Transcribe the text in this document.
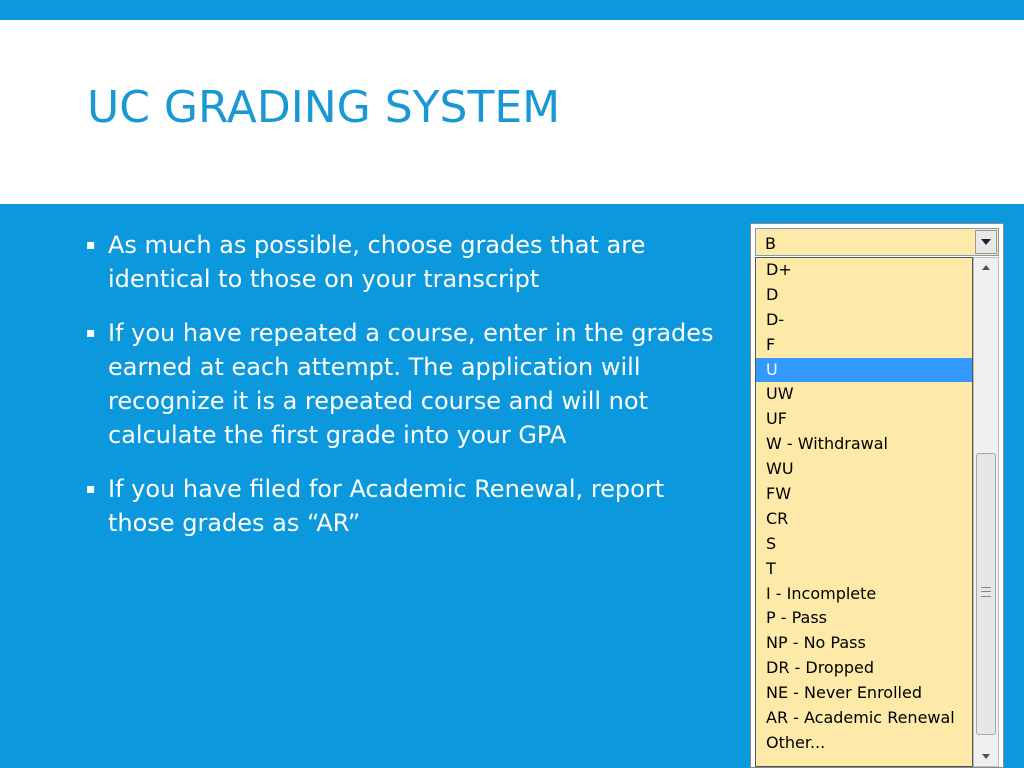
UC GRADING SYSTEM
▪ As much as possible, choose grades that are identical to those on your transcript
▪ If you have repeated a course, enter in the grades earned at each attempt. The application will recognize it is a repeated course and will not calculate the first grade into your GPA
▪ If you have filed for Academic Renewal, report those grades as “AR”
B
D+
D
D-
F
U
UW
UF
W - Withdrawal
WU
FW
CR
S
T
I - Incomplete
P - Pass
NP - No Pass
DR - Dropped
NE - Never Enrolled
AR - Academic Renewal
Other...
